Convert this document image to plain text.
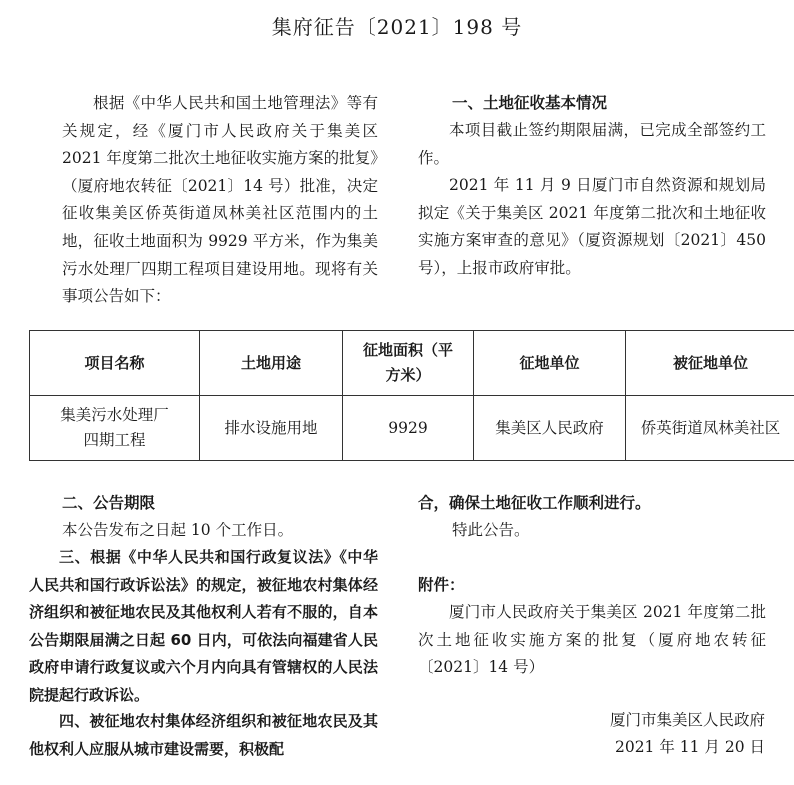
集府征告〔2021〕198 号

根据《中华人民共和国土地管理法》等有关规定，经《厦门市人民政府关于集美区 2021 年度第二批次土地征收实施方案的批复》（厦府地农转征〔2021〕14 号）批准，决定征收集美区侨英街道凤林美社区范围内的土地，征收土地面积为 9929 平方米，作为集美污水处理厂四期工程项目建设用地。现将有关事项公告如下：

一、土地征收基本情况

本项目截止签约期限届满，已完成全部签约工作。

2021 年 11 月 9 日厦门市自然资源和规划局拟定《关于集美区 2021 年度第二批次和土地征收实施方案审查的意见》（厦资源规划〔2021〕450 号），上报市政府审批。

项目名称	土地用途	征地面积（平方米）	征地单位	被征地单位
集美污水处理厂四期工程	排水设施用地	9929	集美区人民政府	侨英街道凤林美社区

二、公告期限

本公告发布之日起 10 个工作日。

三、根据《中华人民共和国行政复议法》《中华人民共和国行政诉讼法》的规定，被征地农村集体经济组织和被征地农民及其他权利人若有不服的，自本公告期限届满之日起 60 日内，可依法向福建省人民政府申请行政复议或六个月内向具有管辖权的人民法院提起行政诉讼。

四、被征地农村集体经济组织和被征地农民及其他权利人应服从城市建设需要，积极配

合，确保土地征收工作顺利进行。

特此公告。

附件：

厦门市人民政府关于集美区 2021 年度第二批次土地征收实施方案的批复（厦府地农转征〔2021〕14 号）

厦门市集美区人民政府
2021 年 11 月 20 日
